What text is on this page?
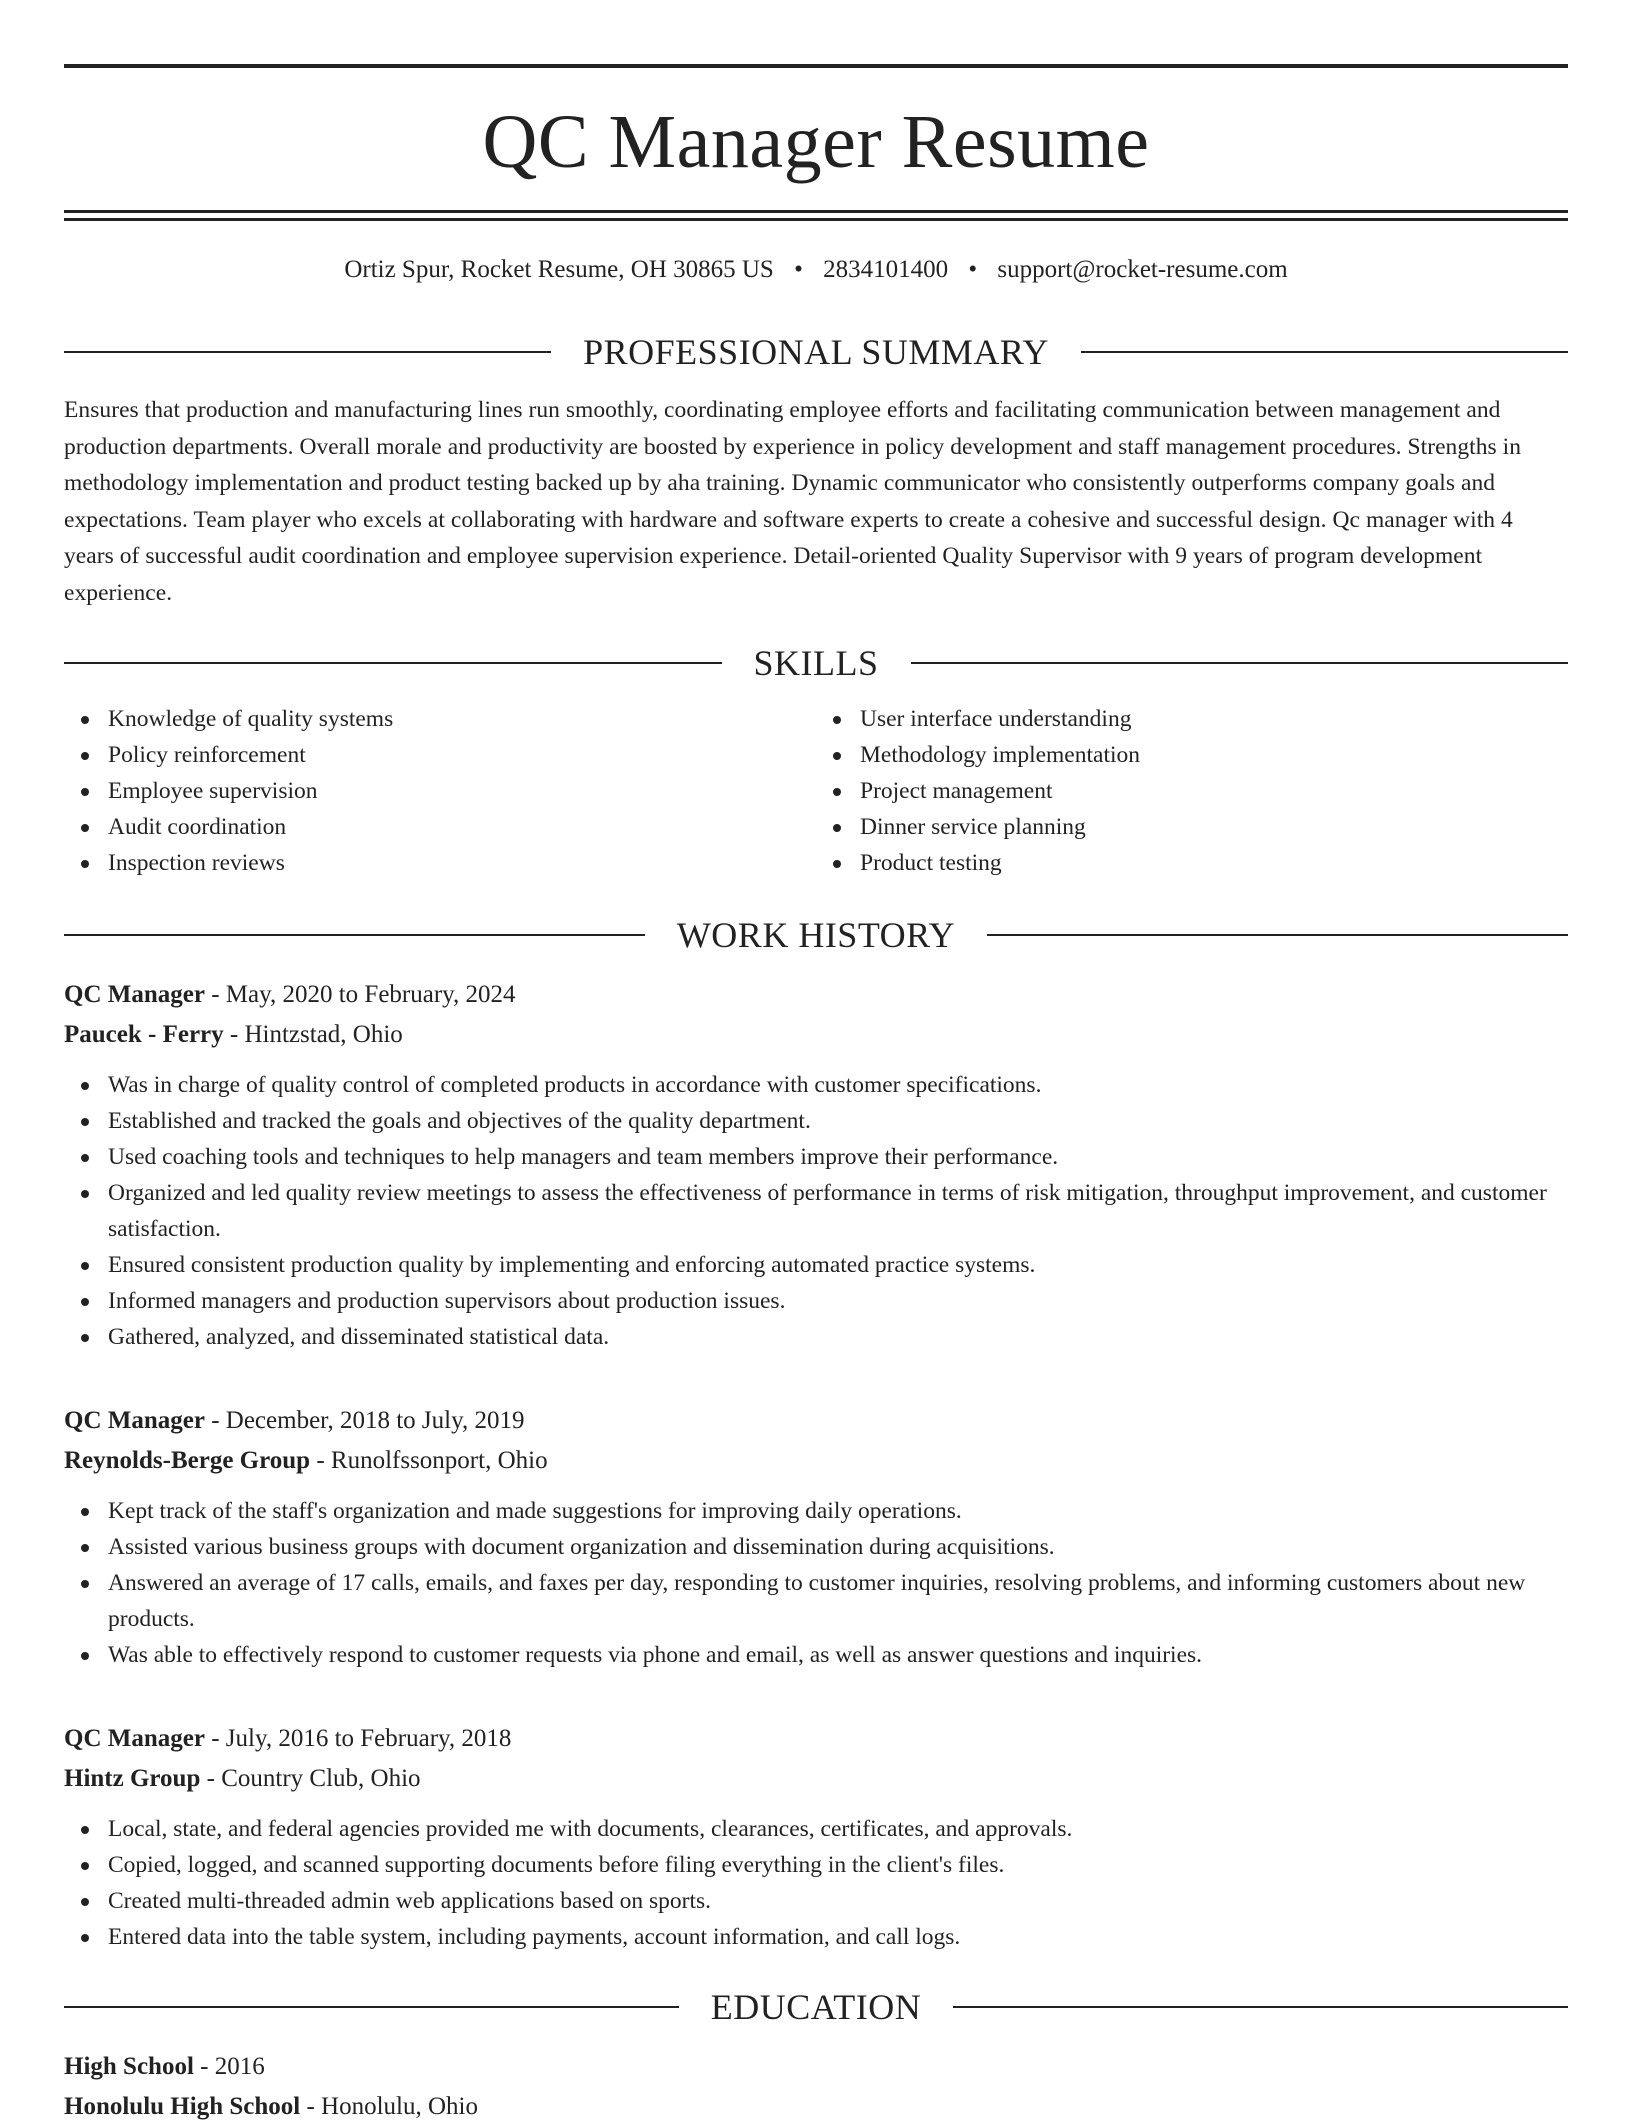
QC Manager Resume
Ortiz Spur, Rocket Resume, OH 30865 US • 2834101400 • support@rocket-resume.com
PROFESSIONAL SUMMARY
Ensures that production and manufacturing lines run smoothly, coordinating employee efforts and facilitating communication between management and production departments. Overall morale and productivity are boosted by experience in policy development and staff management procedures. Strengths in methodology implementation and product testing backed up by aha training. Dynamic communicator who consistently outperforms company goals and expectations. Team player who excels at collaborating with hardware and software experts to create a cohesive and successful design. Qc manager with 4 years of successful audit coordination and employee supervision experience. Detail-oriented Quality Supervisor with 9 years of program development experience.
SKILLS
Knowledge of quality systems
Policy reinforcement
Employee supervision
Audit coordination
Inspection reviews
User interface understanding
Methodology implementation
Project management
Dinner service planning
Product testing
WORK HISTORY
QC Manager - May, 2020 to February, 2024
Paucek - Ferry - Hintzstad, Ohio
Was in charge of quality control of completed products in accordance with customer specifications.
Established and tracked the goals and objectives of the quality department.
Used coaching tools and techniques to help managers and team members improve their performance.
Organized and led quality review meetings to assess the effectiveness of performance in terms of risk mitigation, throughput improvement, and customer satisfaction.
Ensured consistent production quality by implementing and enforcing automated practice systems.
Informed managers and production supervisors about production issues.
Gathered, analyzed, and disseminated statistical data.
QC Manager - December, 2018 to July, 2019
Reynolds-Berge Group - Runolfssonport, Ohio
Kept track of the staff's organization and made suggestions for improving daily operations.
Assisted various business groups with document organization and dissemination during acquisitions.
Answered an average of 17 calls, emails, and faxes per day, responding to customer inquiries, resolving problems, and informing customers about new products.
Was able to effectively respond to customer requests via phone and email, as well as answer questions and inquiries.
QC Manager - July, 2016 to February, 2018
Hintz Group - Country Club, Ohio
Local, state, and federal agencies provided me with documents, clearances, certificates, and approvals.
Copied, logged, and scanned supporting documents before filing everything in the client's files.
Created multi-threaded admin web applications based on sports.
Entered data into the table system, including payments, account information, and call logs.
EDUCATION
High School - 2016
Honolulu High School - Honolulu, Ohio
